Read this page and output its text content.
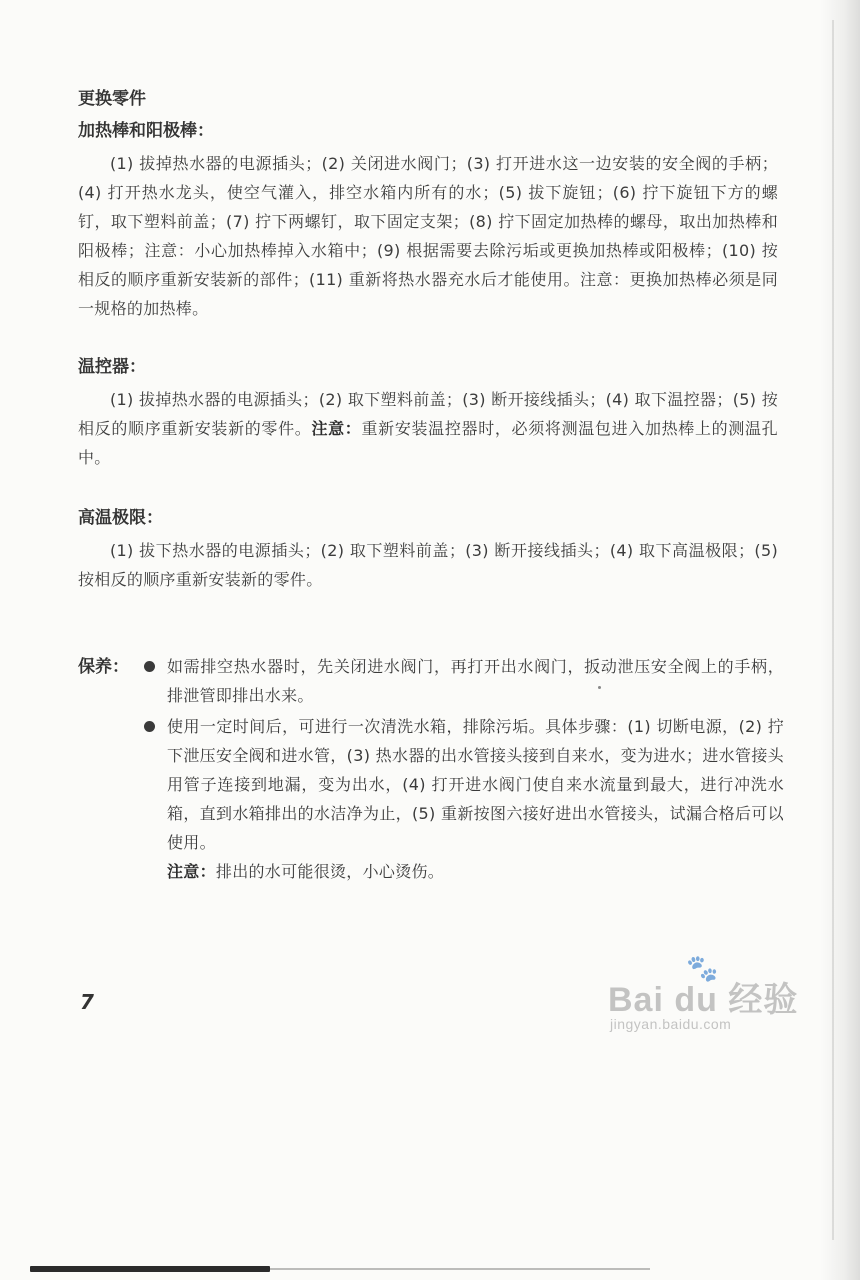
更换零件
加热棒和阳极棒：

(1) 拔掉热水器的电源插头；(2) 关闭进水阀门；(3) 打开进水这一边安装的安全阀的手柄；(4) 打开热水龙头，使空气灌入，排空水箱内所有的水；(5) 拔下旋钮；(6) 拧下旋钮下方的螺钉，取下塑料前盖；(7) 拧下两螺钉，取下固定支架；(8) 拧下固定加热棒的螺母，取出加热棒和阳极棒；注意：小心加热棒掉入水箱中；(9) 根据需要去除污垢或更换加热棒或阳极棒；(10) 按相反的顺序重新安装新的部件；(11) 重新将热水器充水后才能使用。注意：更换加热棒必须是同一规格的加热棒。

温控器：

(1) 拔掉热水器的电源插头；(2) 取下塑料前盖；(3) 断开接线插头；(4) 取下温控器；(5) 按相反的顺序重新安装新的零件。注意：重新安装温控器时，必须将测温包进入加热棒上的测温孔中。

高温极限：

(1) 拔下热水器的电源插头；(2) 取下塑料前盖；(3) 断开接线插头；(4) 取下高温极限；(5) 按相反的顺序重新安装新的零件。

保养：	如需排空热水器时，先关闭进水阀门，再打开出水阀门，扳动泄压安全阀上的手柄，排泄管即排出水来。
使用一定时间后，可进行一次清洗水箱，排除污垢。具体步骤：(1) 切断电源，(2) 拧下泄压安全阀和进水管，(3) 热水器的出水管接头接到自来水，变为进水；进水管接头用管子连接到地漏，变为出水，(4) 打开进水阀门使自来水流量到最大，进行冲洗水箱，直到水箱排出的水洁净为止，(5) 重新按图六接好进出水管接头，试漏合格后可以使用。
注意：排出的水可能很烫，小心烫伤。
7
🐾
Bai du 经验
jingyan.baidu.com
